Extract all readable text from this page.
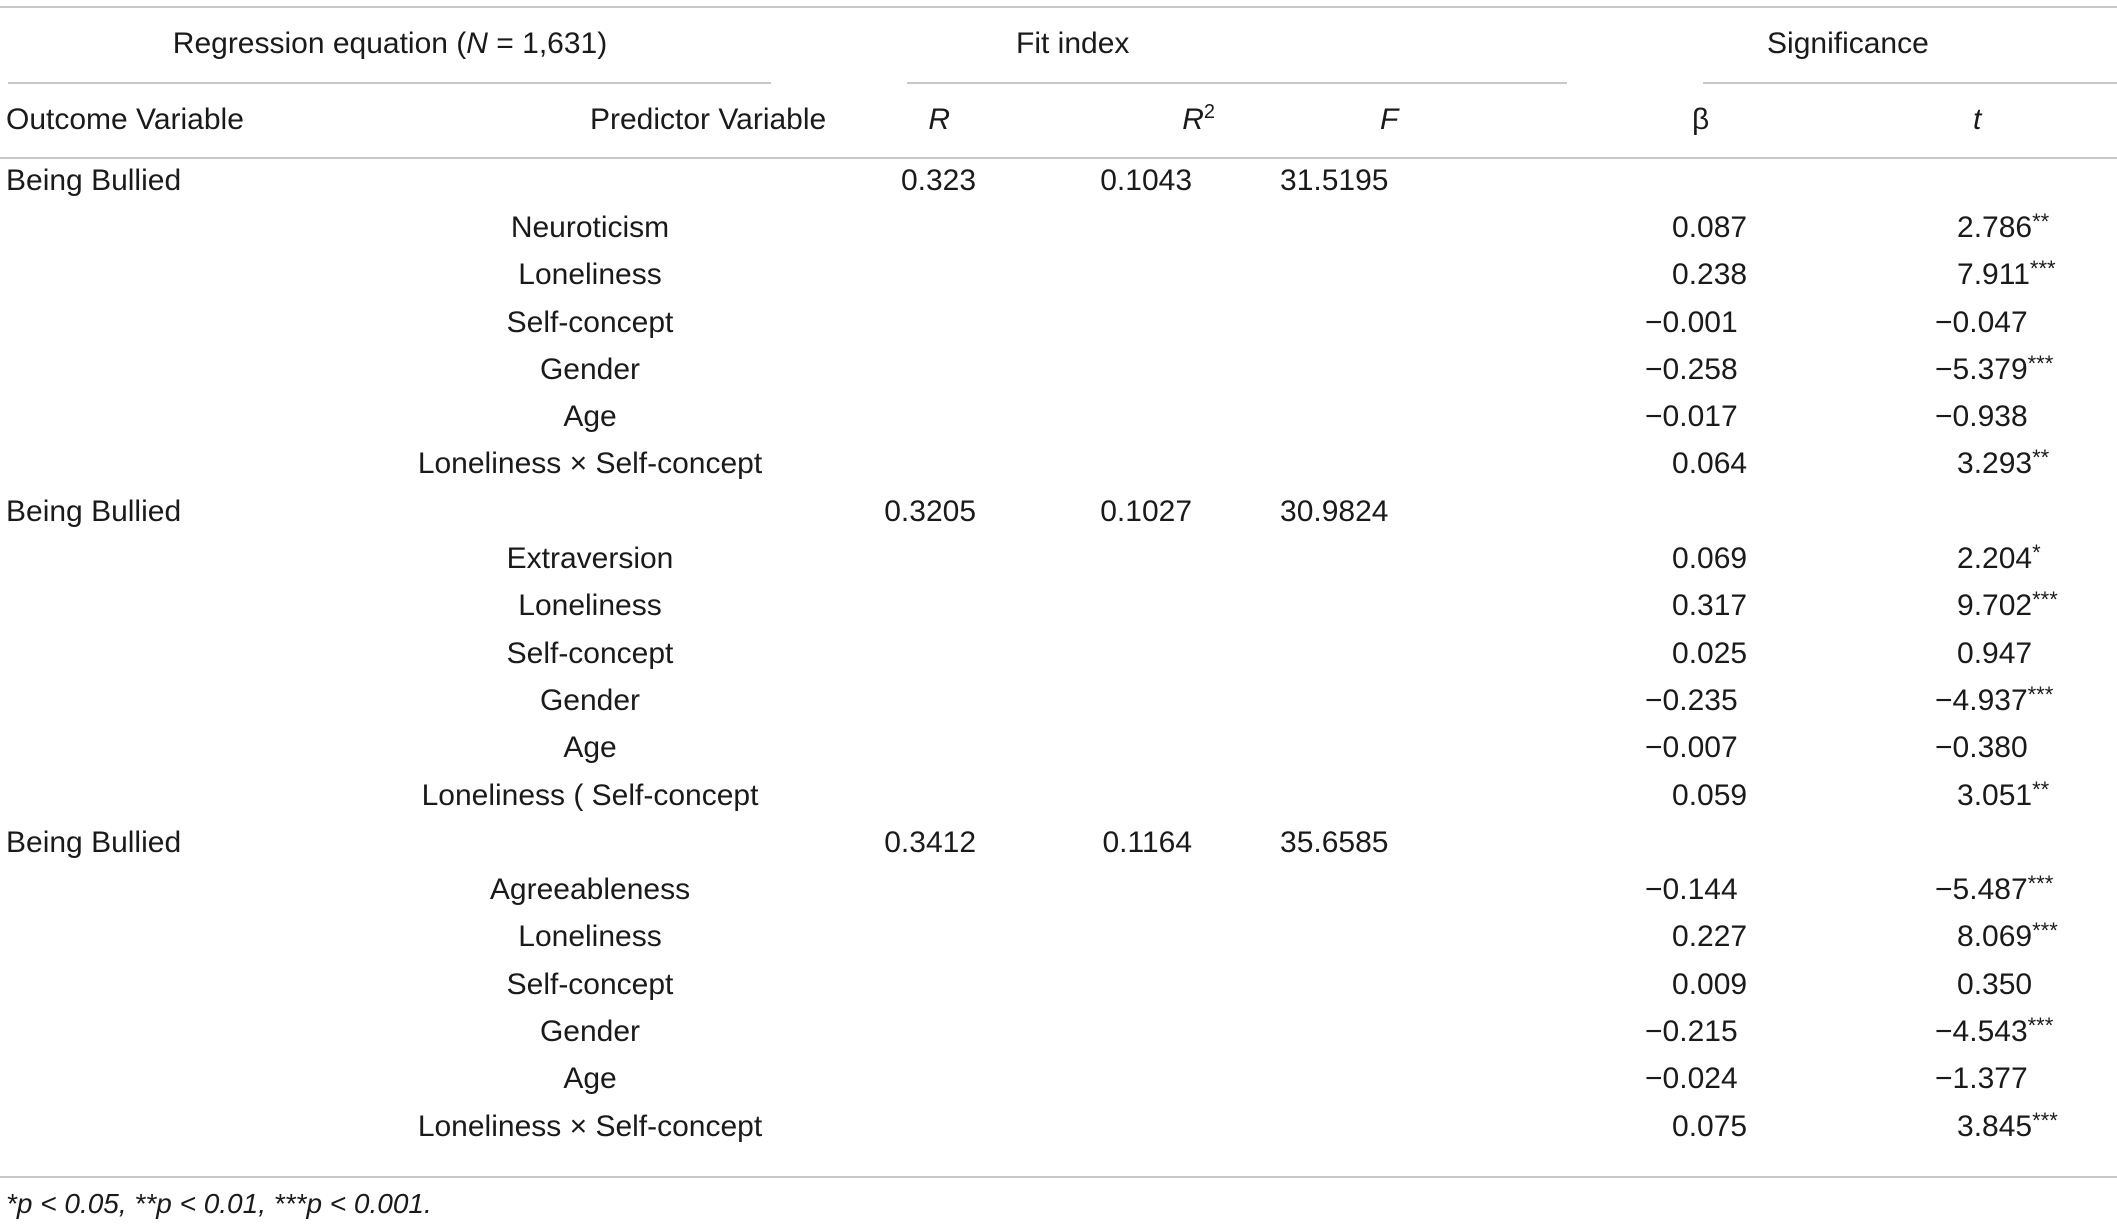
Regression equation (N = 1,631)		Fit index				Significance	
Outcome Variable	Predictor Variable	R	$R^2$	F		β	t
Being Bullied		0.323	0.1043	31.5195			
	Neuroticism					0.087	2.786**
	Loneliness					0.238	7.911***
	Self-concept					−0.001	−0.047
	Gender					−0.258	−5.379***
	Age					−0.017	−0.938
	Loneliness × Self-concept					0.064	3.293**
Being Bullied		0.3205	0.1027	30.9824			
	Extraversion					0.069	2.204*
	Loneliness					0.317	9.702***
	Self-concept					0.025	0.947
	Gender					−0.235	−4.937***
	Age					−0.007	−0.380
	Loneliness ( Self-concept					0.059	3.051**
Being Bullied		0.3412	0.1164	35.6585			
	Agreeableness					−0.144	−5.487***
	Loneliness					0.227	8.069***
	Self-concept					0.009	0.350
	Gender					−0.215	−4.543***
	Age					−0.024	−1.377
	Loneliness × Self-concept					0.075	3.845***
*p < 0.05, **p < 0.01, ***p < 0.001.
